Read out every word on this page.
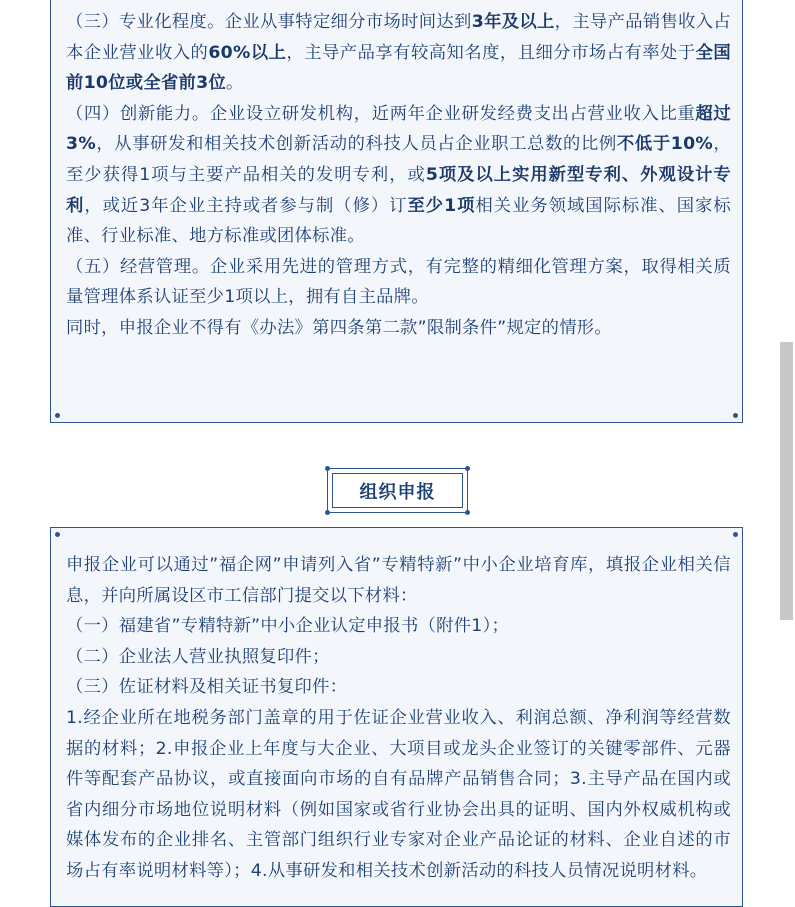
（三）专业化程度。企业从事特定细分市场时间达到3年及以上，主导产品销售收入占本企业营业收入的60%以上，主导产品享有较高知名度，且细分市场占有率处于全国前10位或全省前3位。

（四）创新能力。企业设立研发机构，近两年企业研发经费支出占营业收入比重超过3%，从事研发和相关技术创新活动的科技人员占企业职工总数的比例不低于10%，至少获得1项与主要产品相关的发明专利，或5项及以上实用新型专利、外观设计专利，或近3年企业主持或者参与制（修）订至少1项相关业务领域国际标准、国家标准、行业标准、地方标准或团体标准。

（五）经营管理。企业采用先进的管理方式，有完整的精细化管理方案，取得相关质量管理体系认证至少1项以上，拥有自主品牌。

同时，申报企业不得有《办法》第四条第二款”限制条件”规定的情形。

组织申报

申报企业可以通过”福企网”申请列入省”专精特新”中小企业培育库，填报企业相关信息，并向所属设区市工信部门提交以下材料：

（一）福建省”专精特新”中小企业认定申报书（附件1）；

（二）企业法人营业执照复印件；

（三）佐证材料及相关证书复印件：

1.经企业所在地税务部门盖章的用于佐证企业营业收入、利润总额、净利润等经营数据的材料；2.申报企业上年度与大企业、大项目或龙头企业签订的关键零部件、元器件等配套产品协议，或直接面向市场的自有品牌产品销售合同；3.主导产品在国内或省内细分市场地位说明材料（例如国家或省行业协会出具的证明、国内外权威机构或媒体发布的企业排名、主管部门组织行业专家对企业产品论证的材料、企业自述的市场占有率说明材料等）；4.从事研发和相关技术创新活动的科技人员情况说明材料。
